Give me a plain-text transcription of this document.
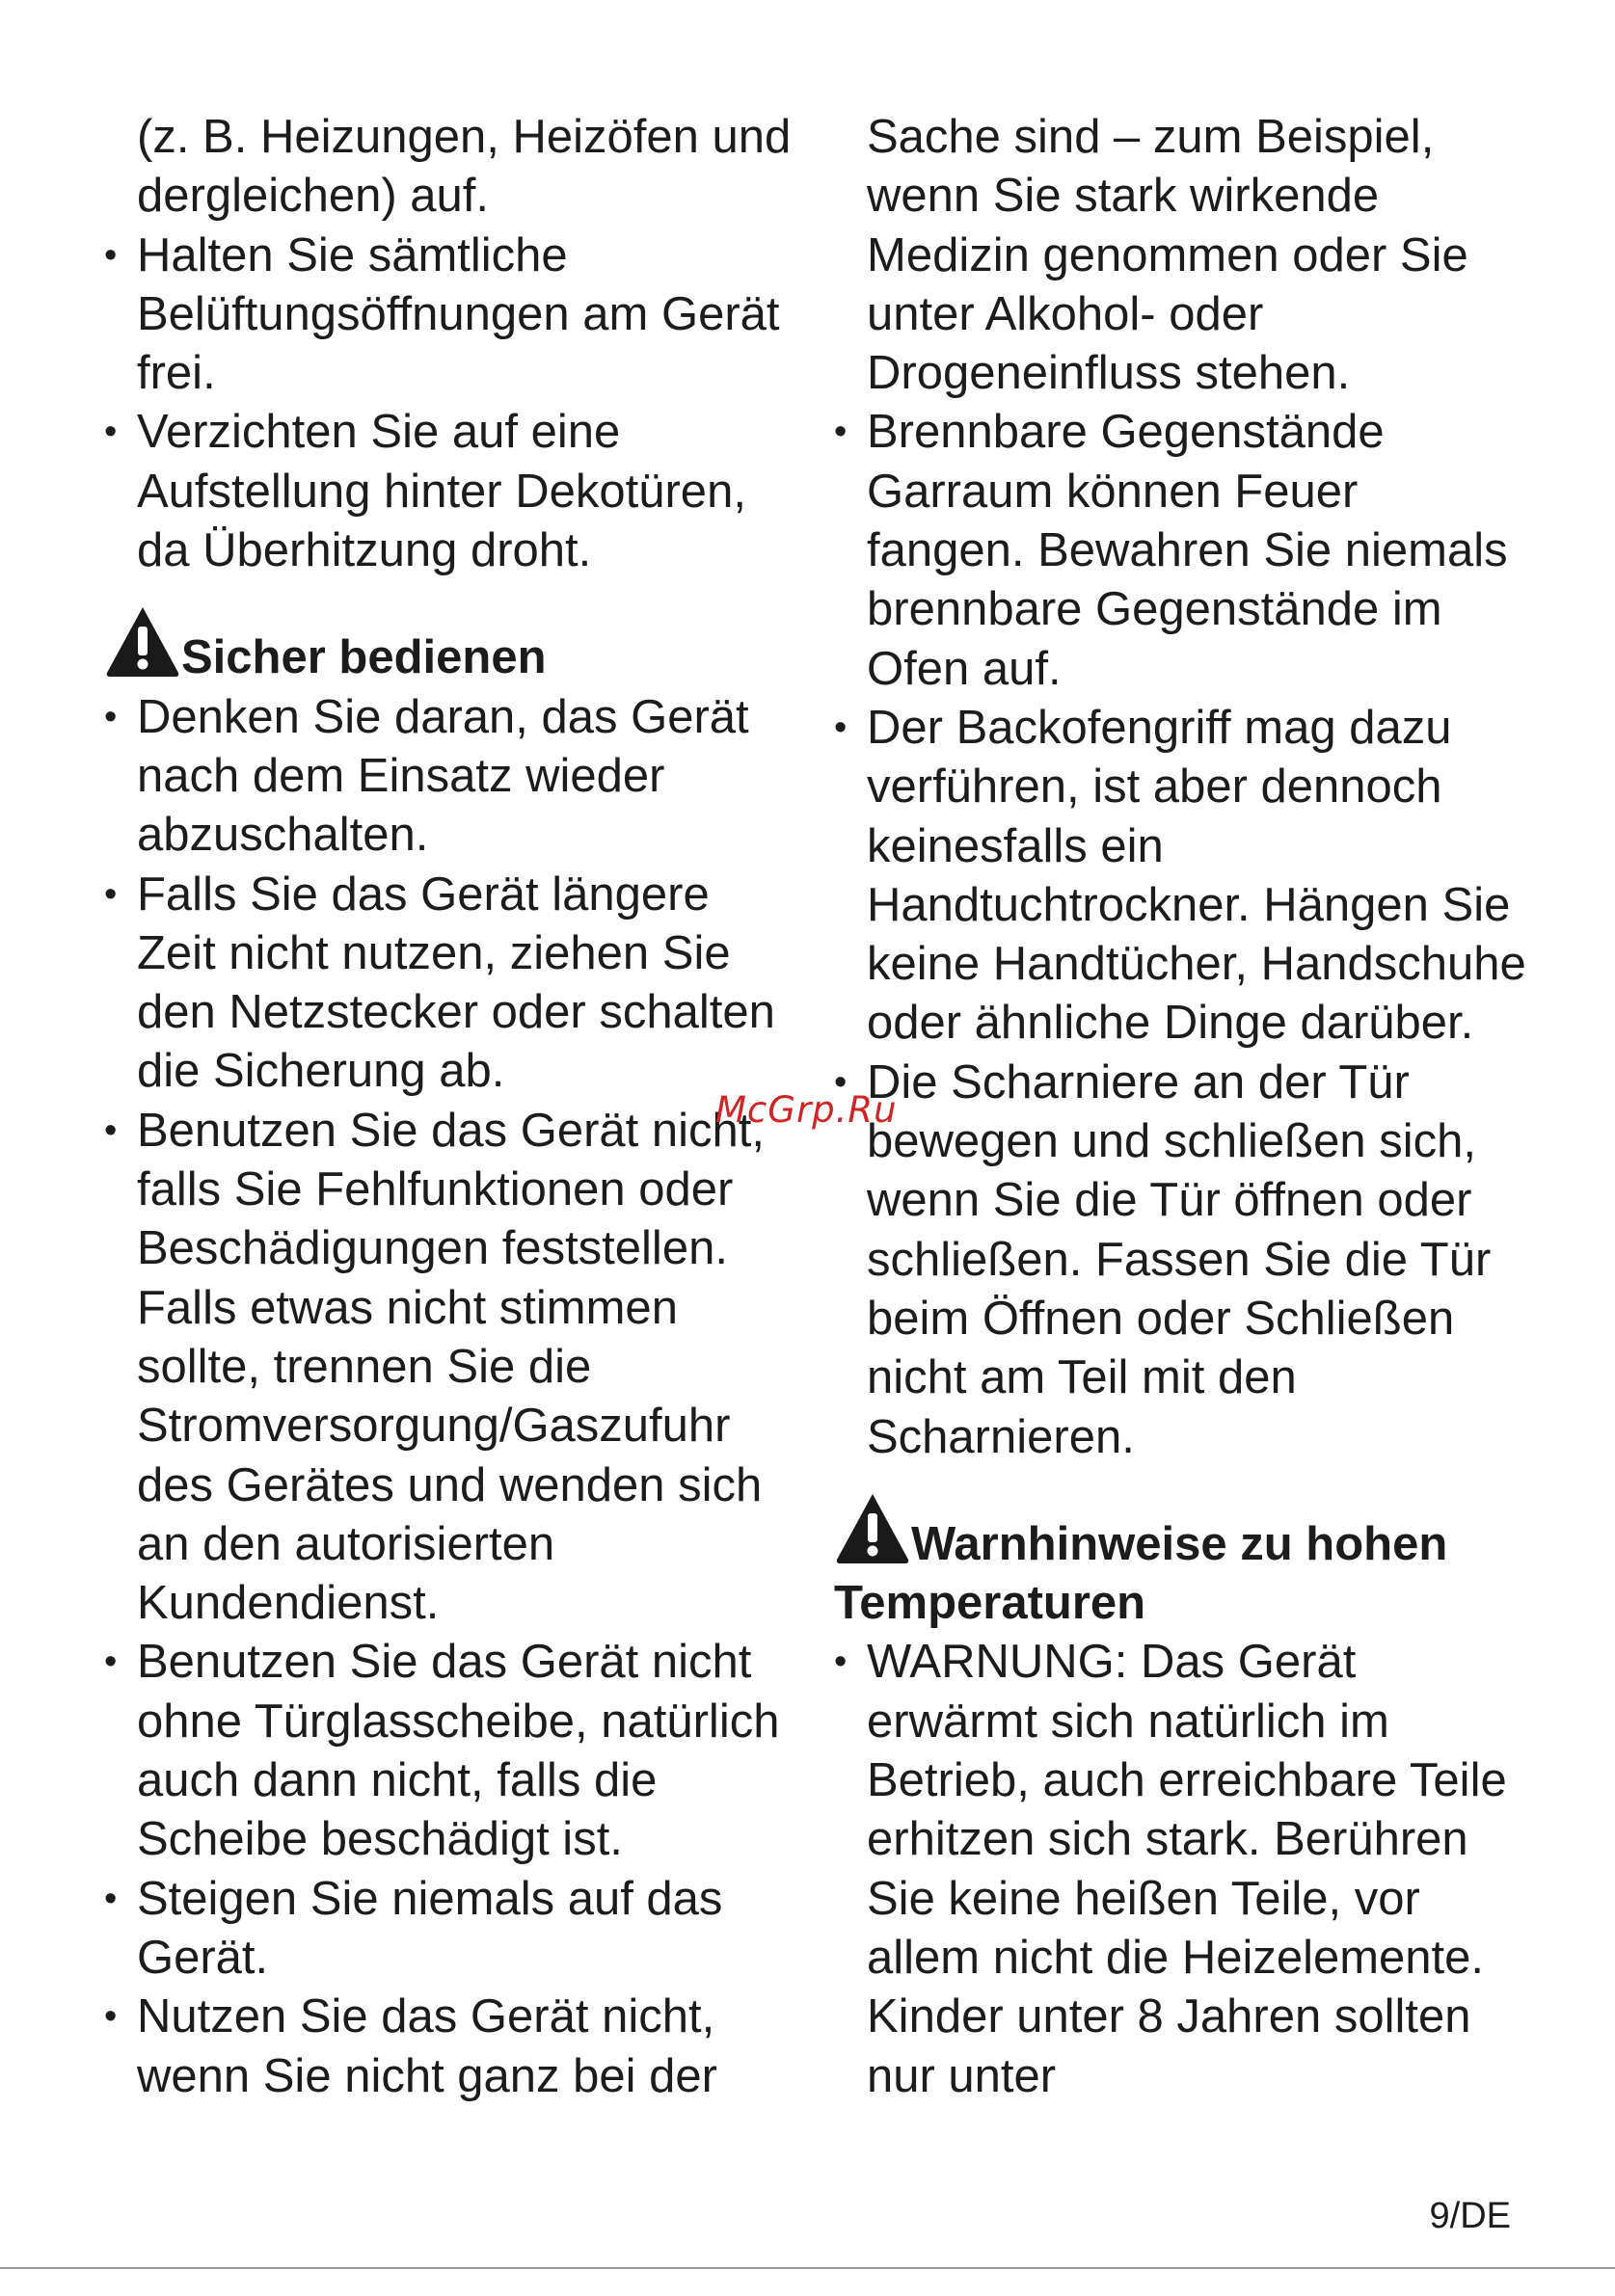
(z. B. Heizungen, Heizöfen und dergleichen) auf.
• Halten Sie sämtliche Belüftungsöffnungen am Gerät frei.
• Verzichten Sie auf eine Aufstellung hinter Dekotüren, da Überhitzung droht.
Sicher bedienen
• Denken Sie daran, das Gerät nach dem Einsatz wieder abzuschalten.
• Falls Sie das Gerät längere Zeit nicht nutzen, ziehen Sie den Netzstecker oder schalten die Sicherung ab.
• Benutzen Sie das Gerät nicht, falls Sie Fehlfunktionen oder Beschädigungen feststellen. Falls etwas nicht stimmen sollte, trennen Sie die Stromversorgung/Gaszufuhr des Gerätes und wenden sich an den autorisierten Kundendienst.
• Benutzen Sie das Gerät nicht ohne Türglasscheibe, natürlich auch dann nicht, falls die Scheibe beschädigt ist.
• Steigen Sie niemals auf das Gerät.
• Nutzen Sie das Gerät nicht, wenn Sie nicht ganz bei der
Sache sind – zum Beispiel, wenn Sie stark wirkende Medizin genommen oder Sie unter Alkohol- oder Drogeneinfluss stehen.
• Brennbare Gegenstände Garraum können Feuer fangen. Bewahren Sie niemals brennbare Gegenstände im Ofen auf.
• Der Backofengriff mag dazu verführen, ist aber dennoch keinesfalls ein Handtuchtrockner. Hängen Sie keine Handtücher, Handschuhe oder ähnliche Dinge darüber.
• Die Scharniere an der Tür bewegen und schließen sich, wenn Sie die Tür öffnen oder schließen. Fassen Sie die Tür beim Öffnen oder Schließen nicht am Teil mit den Scharnieren.
Warnhinweise zu hohen Temperaturen
• WARNUNG: Das Gerät erwärmt sich natürlich im Betrieb, auch erreichbare Teile erhitzen sich stark. Berühren Sie keine heißen Teile, vor allem nicht die Heizelemente. Kinder unter 8 Jahren sollten nur unter
McGrp.Ru
9/DE
